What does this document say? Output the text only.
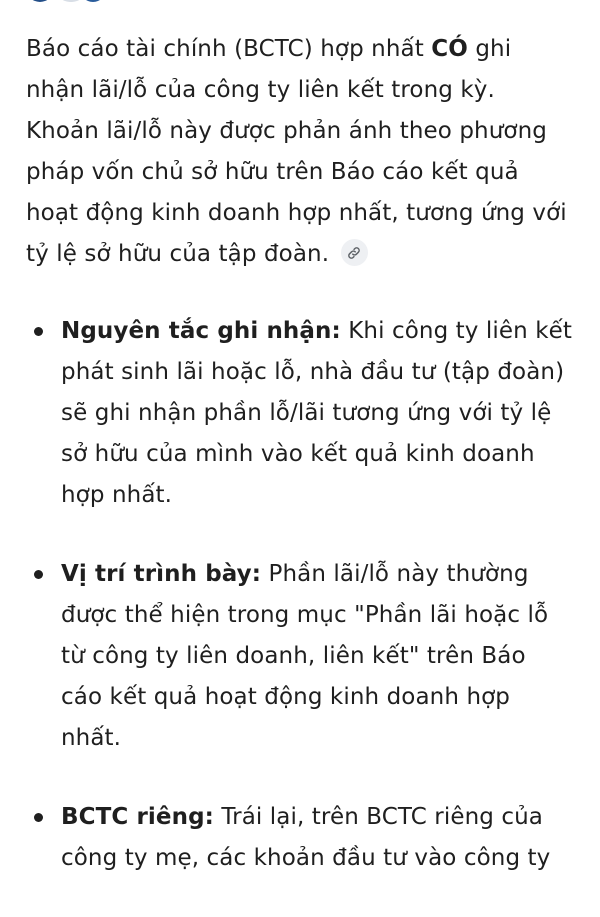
Báo cáo tài chính (BCTC) hợp nhất CÓ ghi nhận lãi/lỗ của công ty liên kết trong kỳ. Khoản lãi/lỗ này được phản ánh theo phương pháp vốn chủ sở hữu trên Báo cáo kết quả hoạt động kinh doanh hợp nhất, tương ứng với tỷ lệ sở hữu của tập đoàn.

Nguyên tắc ghi nhận: Khi công ty liên kết phát sinh lãi hoặc lỗ, nhà đầu tư (tập đoàn) sẽ ghi nhận phần lỗ/lãi tương ứng với tỷ lệ sở hữu của mình vào kết quả kinh doanh hợp nhất.
Vị trí trình bày: Phần lãi/lỗ này thường được thể hiện trong mục "Phần lãi hoặc lỗ từ công ty liên doanh, liên kết" trên Báo cáo kết quả hoạt động kinh doanh hợp nhất.
BCTC riêng: Trái lại, trên BCTC riêng của công ty mẹ, các khoản đầu tư vào công ty
